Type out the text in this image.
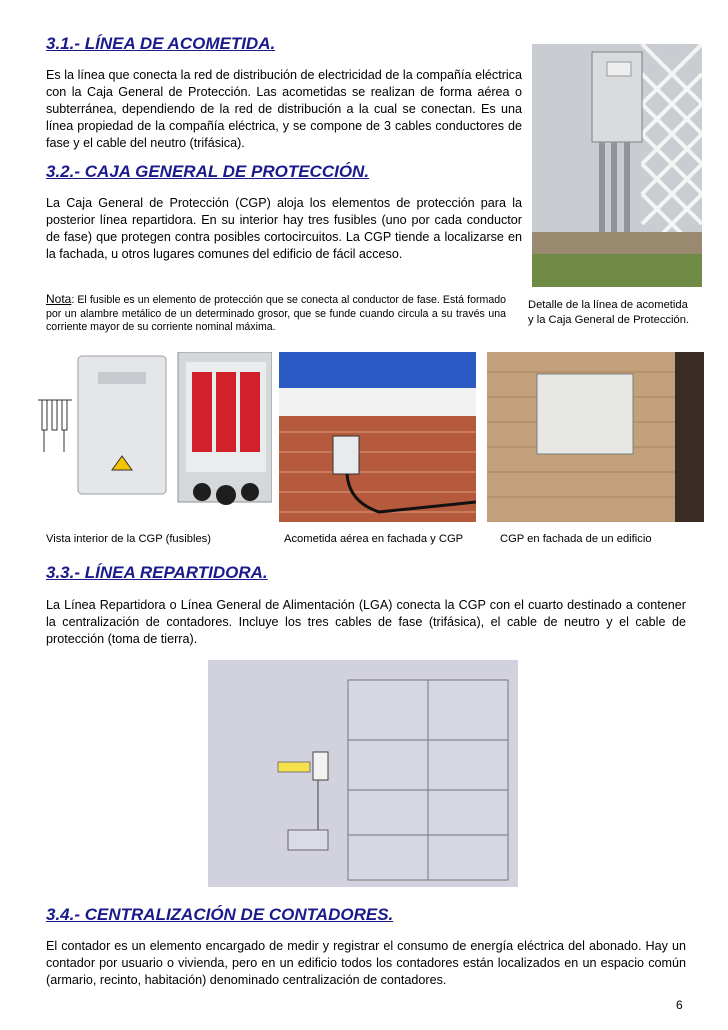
3.1.- LÍNEA DE ACOMETIDA.

Es la línea que conecta la red de distribución de electricidad de la compañía eléctrica con la Caja General de Protección. Las acometidas se realizan de forma aérea o subterránea, dependiendo de la red de distribución a la cual se conectan. Es una línea propiedad de la compañía eléctrica, y se compone de 3 cables conductores de fase y el cable del neutro (trifásica).

Detalle de la línea de acometida

y la Caja General de Protección.

3.2.- CAJA GENERAL DE PROTECCIÓN.

La Caja General de Protección (CGP) aloja los elementos de protección para la posterior línea repartidora. En su interior hay tres fusibles (uno por cada conductor de fase) que protegen contra posibles cortocircuitos. La CGP tiende a localizarse en la fachada, u otros lugares comunes del edificio de fácil acceso.

Nota: El fusible es un elemento de protección que se conecta al conductor de fase. Está formado por un alambre metálico de un determinado grosor, que se funde cuando circula a su través una corriente mayor de su corriente nominal máxima.

Vista interior de la CGP (fusibles)	Acometida aérea en fachada y CGP	CGP en fachada de un edificio

3.3.- LÍNEA REPARTIDORA.

La Línea Repartidora o Línea General de Alimentación (LGA) conecta la CGP con el cuarto destinado a contener la centralización de contadores. Incluye los tres cables de fase (trifásica), el cable de neutro y el cable de protección (toma de tierra).

3.4.- CENTRALIZACIÓN DE CONTADORES.

El contador es un elemento encargado de medir y registrar el consumo de energía eléctrica del abonado. Hay un contador por usuario o vivienda, pero en un edificio todos los contadores están localizados en un espacio común (armario, recinto, habitación) denominado centralización de contadores.

6
